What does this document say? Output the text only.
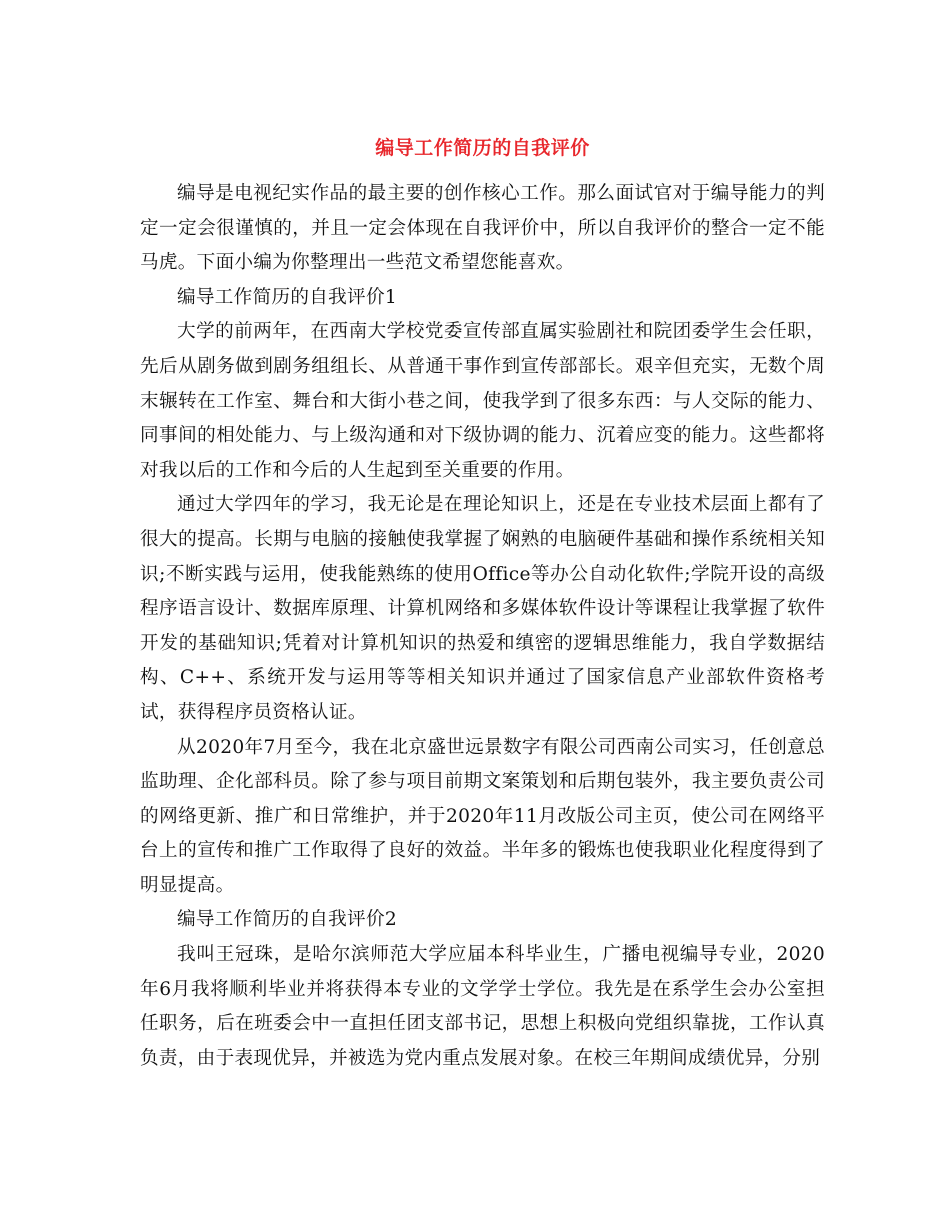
编导工作简历的自我评价

编导是电视纪实作品的最主要的创作核心工作。那么面试官对于编导能力的判定一定会很谨慎的，并且一定会体现在自我评价中，所以自我评价的整合一定不能马虎。下面小编为你整理出一些范文希望您能喜欢。

编导工作简历的自我评价1

大学的前两年，在西南大学校党委宣传部直属实验剧社和院团委学生会任职，先后从剧务做到剧务组组长、从普通干事作到宣传部部长。艰辛但充实，无数个周末辗转在工作室、舞台和大街小巷之间，使我学到了很多东西：与人交际的能力、同事间的相处能力、与上级沟通和对下级协调的能力、沉着应变的能力。这些都将对我以后的工作和今后的人生起到至关重要的作用。

通过大学四年的学习，我无论是在理论知识上，还是在专业技术层面上都有了很大的提高。长期与电脑的接触使我掌握了娴熟的电脑硬件基础和操作系统相关知识;不断实践与运用，使我能熟练的使用Office等办公自动化软件;学院开设的高级程序语言设计、数据库原理、计算机网络和多媒体软件设计等课程让我掌握了软件开发的基础知识;凭着对计算机知识的热爱和缜密的逻辑思维能力，我自学数据结构、C++、系统开发与运用等等相关知识并通过了国家信息产业部软件资格考试，获得程序员资格认证。

从2020年7月至今，我在北京盛世远景数字有限公司西南公司实习，任创意总监助理、企化部科员。除了参与项目前期文案策划和后期包装外，我主要负责公司的网络更新、推广和日常维护，并于2020年11月改版公司主页，使公司在网络平台上的宣传和推广工作取得了良好的效益。半年多的锻炼也使我职业化程度得到了明显提高。

编导工作简历的自我评价2

我叫王冠珠，是哈尔滨师范大学应届本科毕业生，广播电视编导专业，2020年6月我将顺利毕业并将获得本专业的文学学士学位。我先是在系学生会办公室担任职务，后在班委会中一直担任团支部书记，思想上积极向党组织靠拢，工作认真负责，由于表现优异，并被选为党内重点发展对象。在校三年期间成绩优异，分别
